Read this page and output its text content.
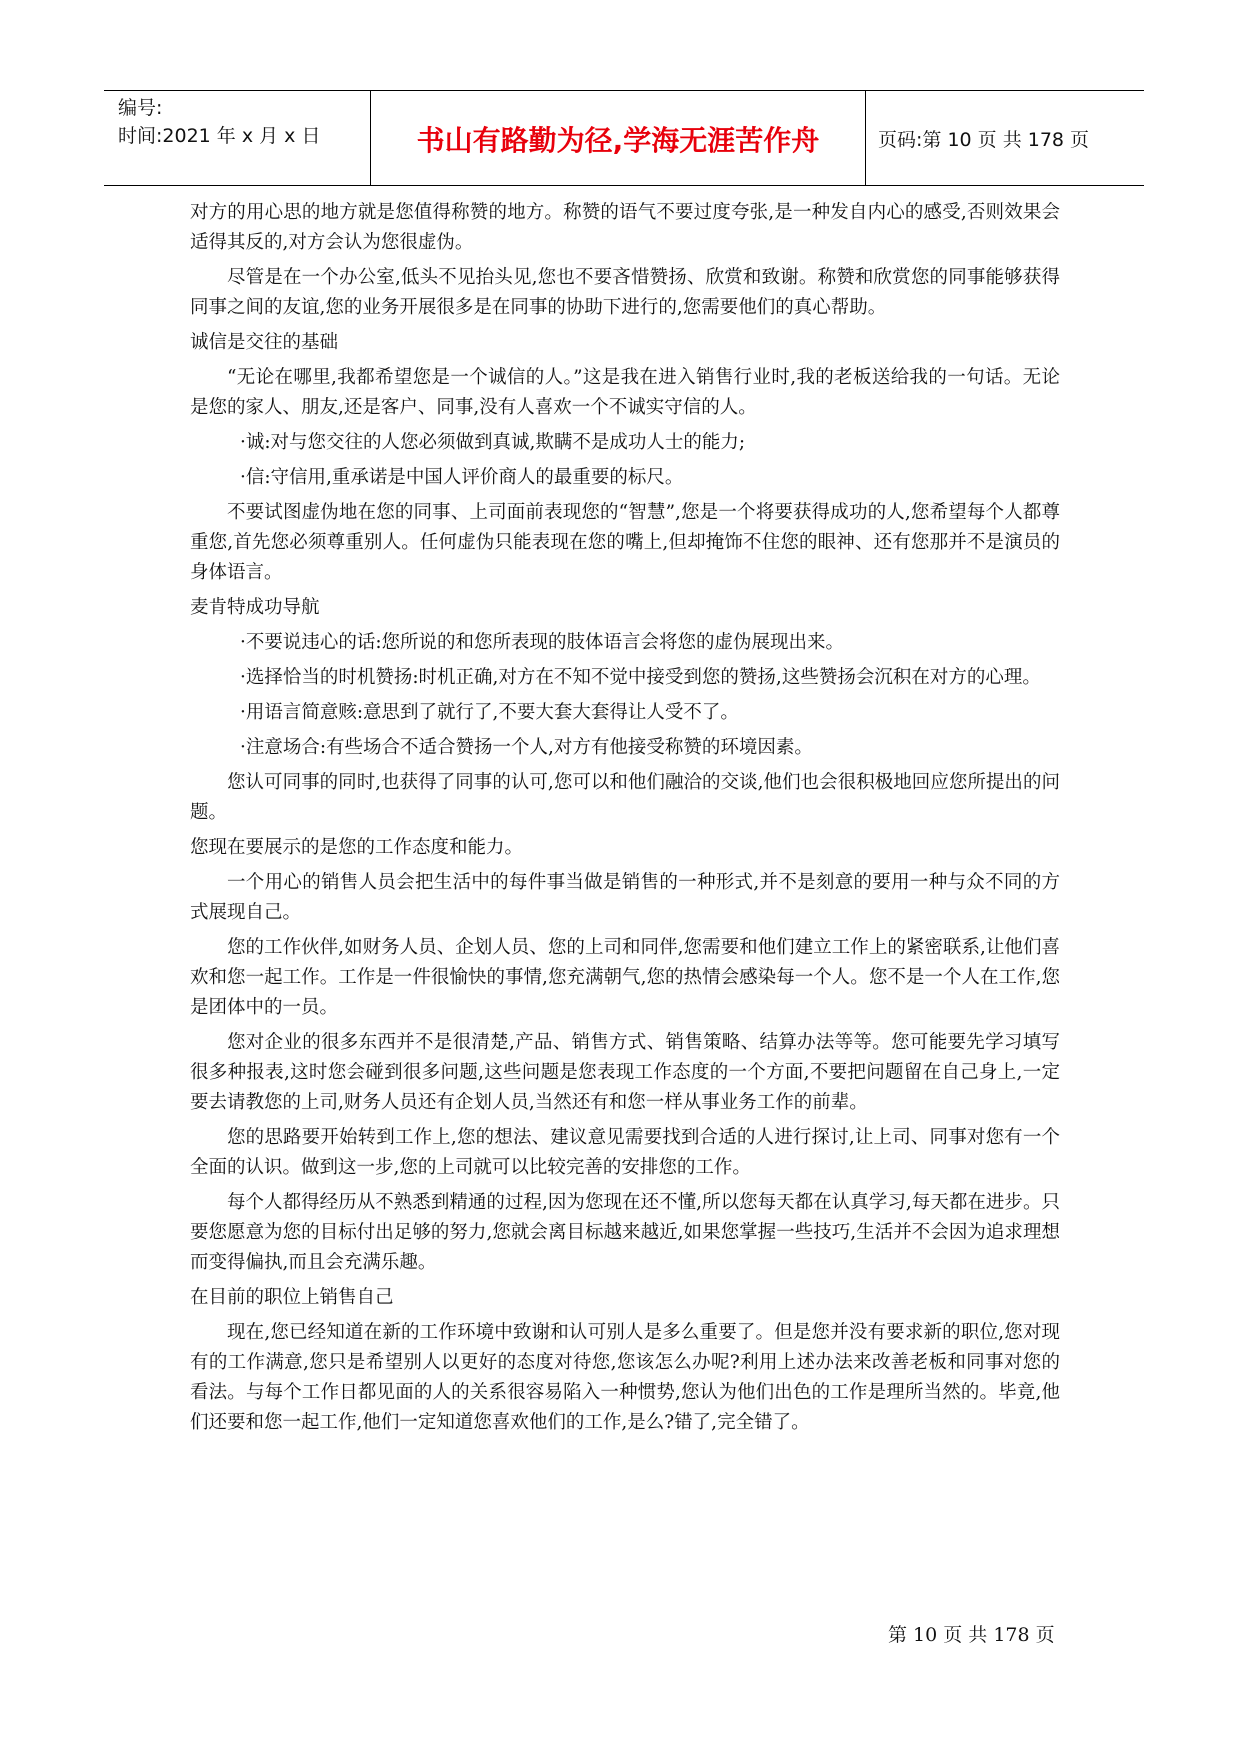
编号:
时间:2021 年 x 月 x 日	书山有路勤为径,学海无涯苦作舟	页码:第 10 页 共 178 页

对方的用心思的地方就是您值得称赞的地方。称赞的语气不要过度夸张,是一种发自内心的感受,否则效果会适得其反的,对方会认为您很虚伪。

尽管是在一个办公室,低头不见抬头见,您也不要吝惜赞扬、欣赏和致谢。称赞和欣赏您的同事能够获得同事之间的友谊,您的业务开展很多是在同事的协助下进行的,您需要他们的真心帮助。

诚信是交往的基础

“无论在哪里,我都希望您是一个诚信的人。”这是我在进入销售行业时,我的老板送给我的一句话。无论是您的家人、朋友,还是客户、同事,没有人喜欢一个不诚实守信的人。

·诚:对与您交往的人您必须做到真诚,欺瞒不是成功人士的能力;

·信:守信用,重承诺是中国人评价商人的最重要的标尺。

不要试图虚伪地在您的同事、上司面前表现您的“智慧”,您是一个将要获得成功的人,您希望每个人都尊重您,首先您必须尊重别人。任何虚伪只能表现在您的嘴上,但却掩饰不住您的眼神、还有您那并不是演员的身体语言。

麦肯特成功导航

·不要说违心的话:您所说的和您所表现的肢体语言会将您的虚伪展现出来。

·选择恰当的时机赞扬:时机正确,对方在不知不觉中接受到您的赞扬,这些赞扬会沉积在对方的心理。

·用语言简意赅:意思到了就行了,不要大套大套得让人受不了。

·注意场合:有些场合不适合赞扬一个人,对方有他接受称赞的环境因素。

您认可同事的同时,也获得了同事的认可,您可以和他们融洽的交谈,他们也会很积极地回应您所提出的问题。

您现在要展示的是您的工作态度和能力。

一个用心的销售人员会把生活中的每件事当做是销售的一种形式,并不是刻意的要用一种与众不同的方式展现自己。

您的工作伙伴,如财务人员、企划人员、您的上司和同伴,您需要和他们建立工作上的紧密联系,让他们喜欢和您一起工作。工作是一件很愉快的事情,您充满朝气,您的热情会感染每一个人。您不是一个人在工作,您是团体中的一员。

您对企业的很多东西并不是很清楚,产品、销售方式、销售策略、结算办法等等。您可能要先学习填写很多种报表,这时您会碰到很多问题,这些问题是您表现工作态度的一个方面,不要把问题留在自己身上,一定要去请教您的上司,财务人员还有企划人员,当然还有和您一样从事业务工作的前辈。

您的思路要开始转到工作上,您的想法、建议意见需要找到合适的人进行探讨,让上司、同事对您有一个全面的认识。做到这一步,您的上司就可以比较完善的安排您的工作。

每个人都得经历从不熟悉到精通的过程,因为您现在还不懂,所以您每天都在认真学习,每天都在进步。只要您愿意为您的目标付出足够的努力,您就会离目标越来越近,如果您掌握一些技巧,生活并不会因为追求理想而变得偏执,而且会充满乐趣。

在目前的职位上销售自己

现在,您已经知道在新的工作环境中致谢和认可别人是多么重要了。但是您并没有要求新的职位,您对现有的工作满意,您只是希望别人以更好的态度对待您,您该怎么办呢?利用上述办法来改善老板和同事对您的看法。与每个工作日都见面的人的关系很容易陷入一种惯势,您认为他们出色的工作是理所当然的。毕竟,他们还要和您一起工作,他们一定知道您喜欢他们的工作,是么?错了,完全错了。

第 10 页 共 178 页
